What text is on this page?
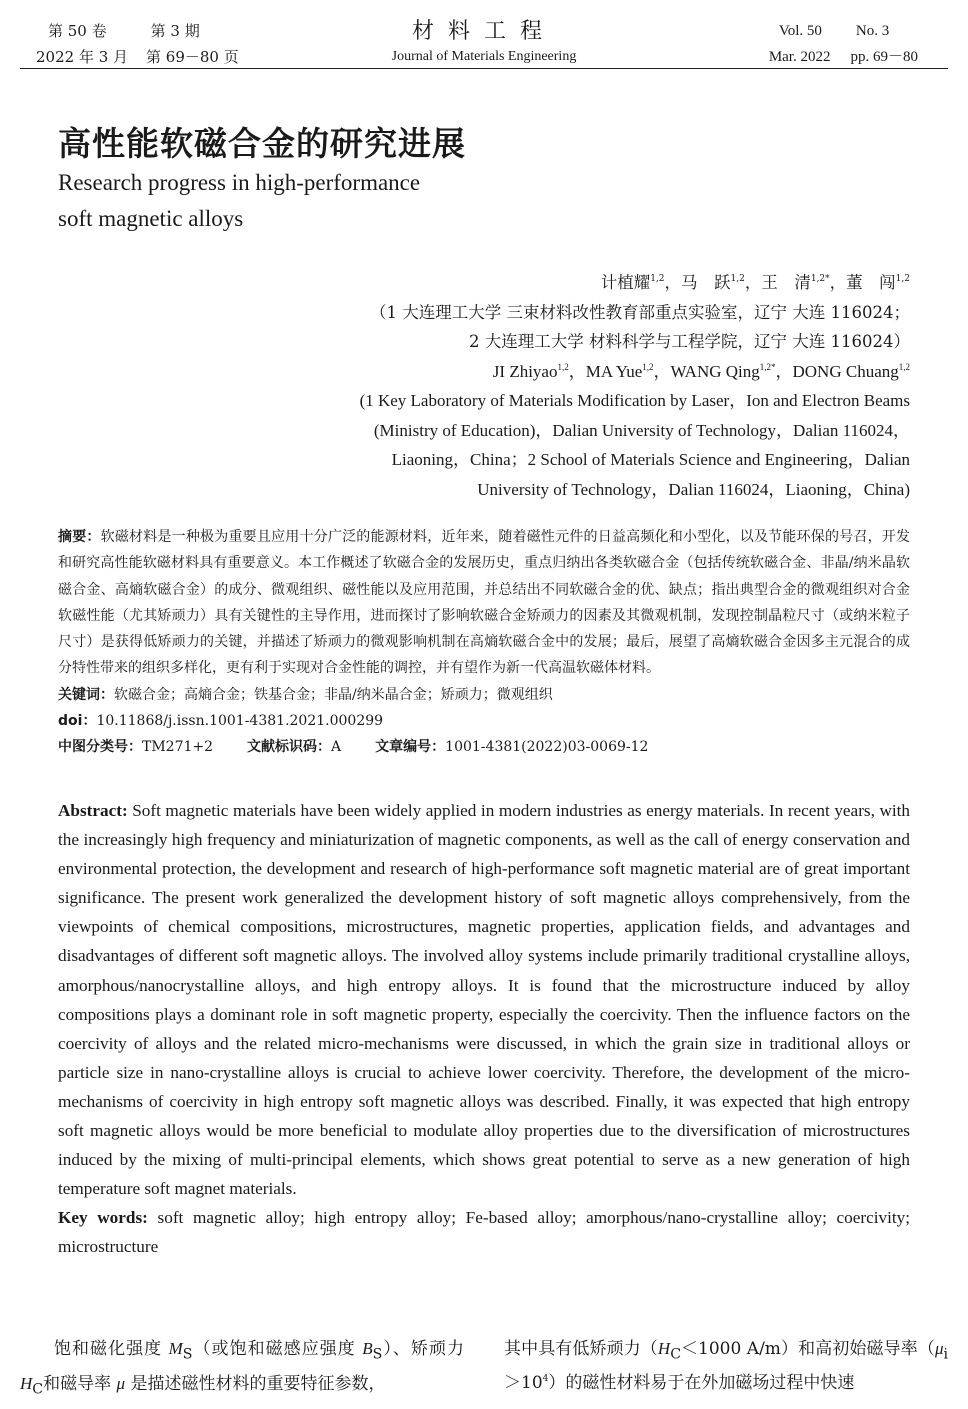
第 50 卷	第 3 期
2022 年 3 月 第 69－80 页
材料工程
Journal of Materials Engineering
Vol. 50 No. 3
Mar. 2022 pp. 69－80
高性能软磁合金的研究进展
Research progress in high-performance
soft magnetic alloys
计植耀$^{1,2}$，马　跃$^{1,2}$，王　清$^{1,2*}$，董　闯$^{1,2}$
（1 大连理工大学 三束材料改性教育部重点实验室，辽宁 大连 116024；
2 大连理工大学 材料科学与工程学院，辽宁 大连 116024）
JI Zhiyao$^{1,2}$，MA Yue$^{1,2}$，WANG Qing$^{1,2*}$，DONG Chuang$^{1,2}$
(1 Key Laboratory of Materials Modification by Laser，Ion and Electron Beams
(Ministry of Education)，Dalian University of Technology，Dalian 116024，
Liaoning，China；2 School of Materials Science and Engineering，Dalian
University of Technology，Dalian 116024，Liaoning，China)
摘要：软磁材料是一种极为重要且应用十分广泛的能源材料，近年来，随着磁性元件的日益高频化和小型化，以及节能环保的号召，开发和研究高性能软磁材料具有重要意义。本工作概述了软磁合金的发展历史，重点归纳出各类软磁合金（包括传统软磁合金、非晶/纳米晶软磁合金、高熵软磁合金）的成分、微观组织、磁性能以及应用范围，并总结出不同软磁合金的优、缺点；指出典型合金的微观组织对合金软磁性能（尤其矫顽力）具有关键性的主导作用，进而探讨了影响软磁合金矫顽力的因素及其微观机制，发现控制晶粒尺寸（或纳米粒子尺寸）是获得低矫顽力的关键，并描述了矫顽力的微观影响机制在高熵软磁合金中的发展；最后，展望了高熵软磁合金因多主元混合的成分特性带来的组织多样化，更有利于实现对合金性能的调控，并有望作为新一代高温软磁体材料。
关键词：软磁合金；高熵合金；铁基合金；非晶/纳米晶合金；矫顽力；微观组织
doi：10.11868/j.issn.1001-4381.2021.000299
中图分类号：TM271+2 文献标识码：A 文章编号：1001-4381(2022)03-0069-12
Abstract: Soft magnetic materials have been widely applied in modern industries as energy materials. In recent years, with the increasingly high frequency and miniaturization of magnetic components, as well as the call of energy conservation and environmental protection, the development and research of high-performance soft magnetic material are of great important significance. The present work generalized the development history of soft magnetic alloys comprehensively, from the viewpoints of chemical compositions, microstructures, magnetic properties, application fields, and advantages and disadvantages of different soft magnetic alloys. The involved alloy systems include primarily traditional crystalline alloys, amorphous/nanocrystalline alloys, and high entropy alloys. It is found that the microstructure induced by alloy compositions plays a dominant role in soft magnetic property, especially the coercivity. Then the influence factors on the coercivity of alloys and the related micro-mechanisms were discussed, in which the grain size in traditional alloys or particle size in nano-crystalline alloys is crucial to achieve lower coercivity. Therefore, the development of the micro-mechanisms of coercivity in high entropy soft magnetic alloys was described. Finally, it was expected that high entropy soft magnetic alloys would be more beneficial to modulate alloy properties due to the diversification of microstructures induced by the mixing of multi-principal elements, which shows great potential to serve as a new generation of high temperature soft magnet materials.
Key words: soft magnetic alloy; high entropy alloy; Fe-based alloy; amorphous/nano-crystalline alloy; coercivity; microstructure
饱和磁化强度 $M_S$（或饱和磁感应强度 $B_S$）、矫顽力 $H_C$和磁导率 μ 是描述磁性材料的重要特征参数，
其中具有低矫顽力（$H_C<1000$ A/m）和高初始磁导率$(\mu_i>10^4)$的磁性材料易于在外加磁场过程中快速
